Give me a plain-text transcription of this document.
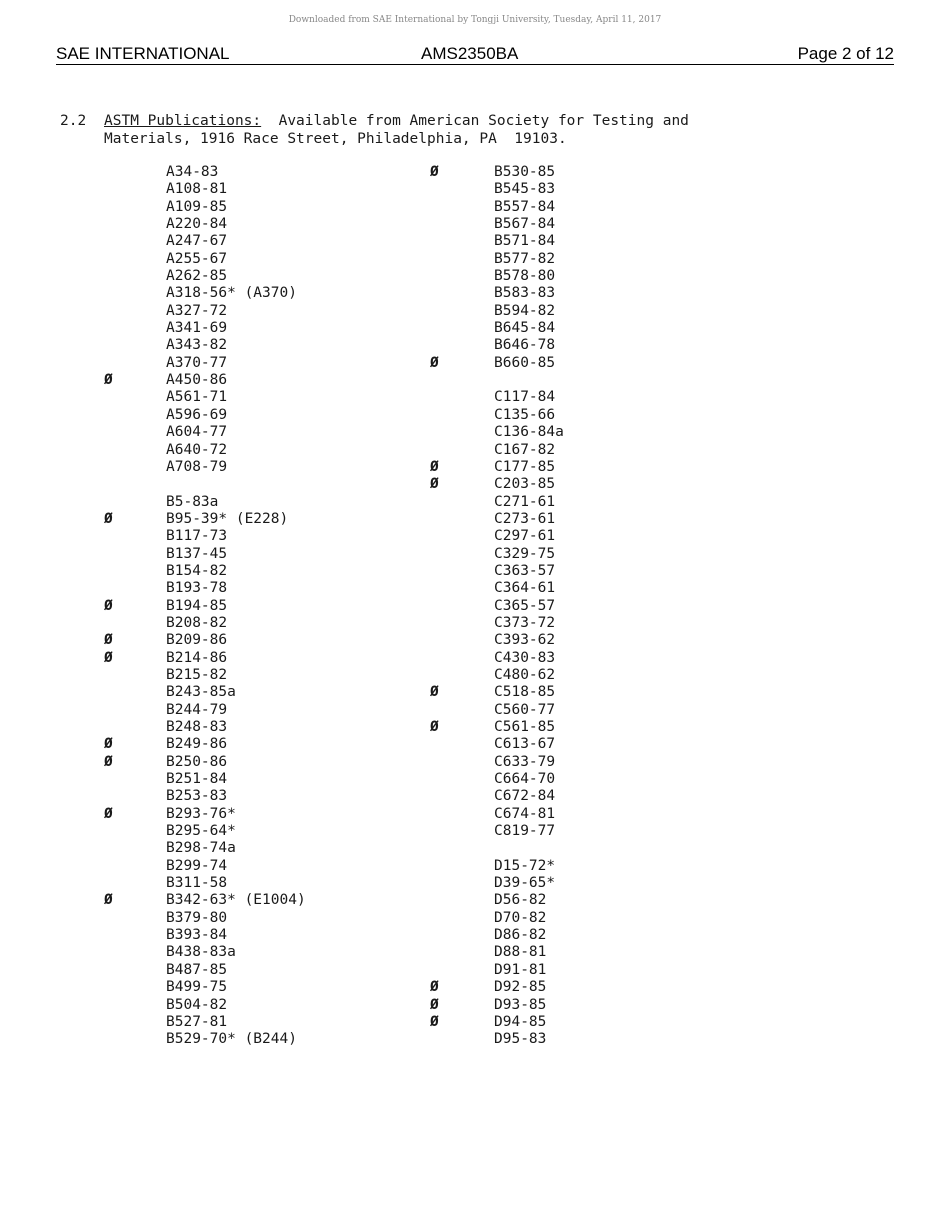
Downloaded from SAE International by Tongji University, Tuesday, April 11, 2017
SAE INTERNATIONAL	AMS2350BA	Page 2 of 12
2.2 ASTM Publications:  Available from American Society for Testing and
Materials, 1916 Race Street, Philadelphia, PA  19103.
A34-83
A108-81
A109-85
A220-84
A247-67
A255-67
A262-85
A318-56* (A370)
A327-72
A341-69
A343-82
A370-77
Ø	A450-86
A561-71
A596-69
A604-77
A640-72
A708-79
B5-83a
Ø	B95-39* (E228)
B117-73
B137-45
B154-82
B193-78
Ø	B194-85
B208-82
Ø	B209-86
Ø	B214-86
B215-82
B243-85a
B244-79
B248-83
Ø	B249-86
Ø	B250-86
B251-84
B253-83
Ø	B293-76*
B295-64*
B298-74a
B299-74
B311-58
Ø	B342-63* (E1004)
B379-80
B393-84
B438-83a
B487-85
B499-75
B504-82
B527-81
B529-70* (B244)
Ø	B530-85
B545-83
B557-84
B567-84
B571-84
B577-82
B578-80
B583-83
B594-82
B645-84
B646-78
Ø	B660-85
C117-84
C135-66
C136-84a
C167-82
Ø	C177-85
Ø	C203-85
C271-61
C273-61
C297-61
C329-75
C363-57
C364-61
C365-57
C373-72
C393-62
C430-83
C480-62
Ø	C518-85
C560-77
Ø	C561-85
C613-67
C633-79
C664-70
C672-84
C674-81
C819-77
D15-72*
D39-65*
D56-82
D70-82
D86-82
D88-81
D91-81
Ø	D92-85
Ø	D93-85
Ø	D94-85
D95-83
